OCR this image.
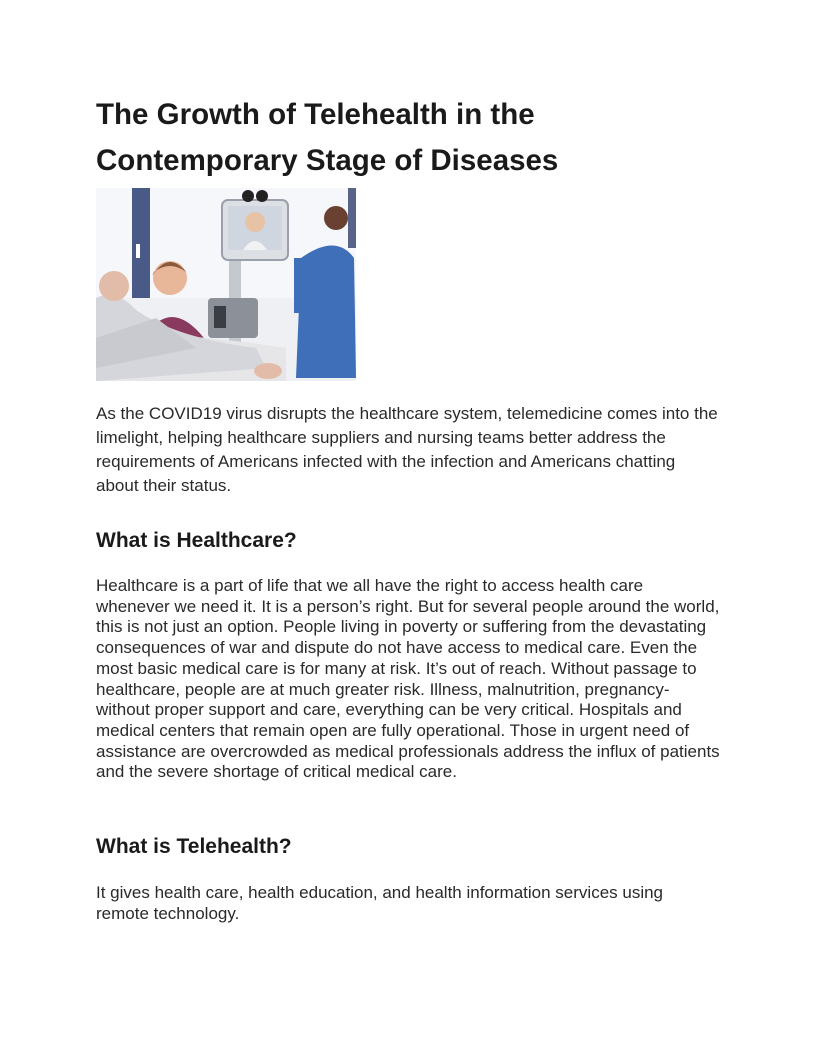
The Growth of Telehealth in the Contemporary Stage of Diseases

As the COVID19 virus disrupts the healthcare system, telemedicine comes into the limelight, helping healthcare suppliers and nursing teams better address the requirements of Americans infected with the infection and Americans chatting about their status.

What is Healthcare?

Healthcare is a part of life that we all have the right to access health care whenever we need it. It is a person’s right. But for several people around the world, this is not just an option. People living in poverty or suffering from the devastating consequences of war and dispute do not have access to medical care. Even the most basic medical care is for many at risk. It’s out of reach. Without passage to healthcare, people are at much greater risk. Illness, malnutrition, pregnancy-without proper support and care, everything can be very critical. Hospitals and medical centers that remain open are fully operational. Those in urgent need of assistance are overcrowded as medical professionals address the influx of patients and the severe shortage of critical medical care.

What is Telehealth?

It gives health care, health education, and health information services using remote technology.
